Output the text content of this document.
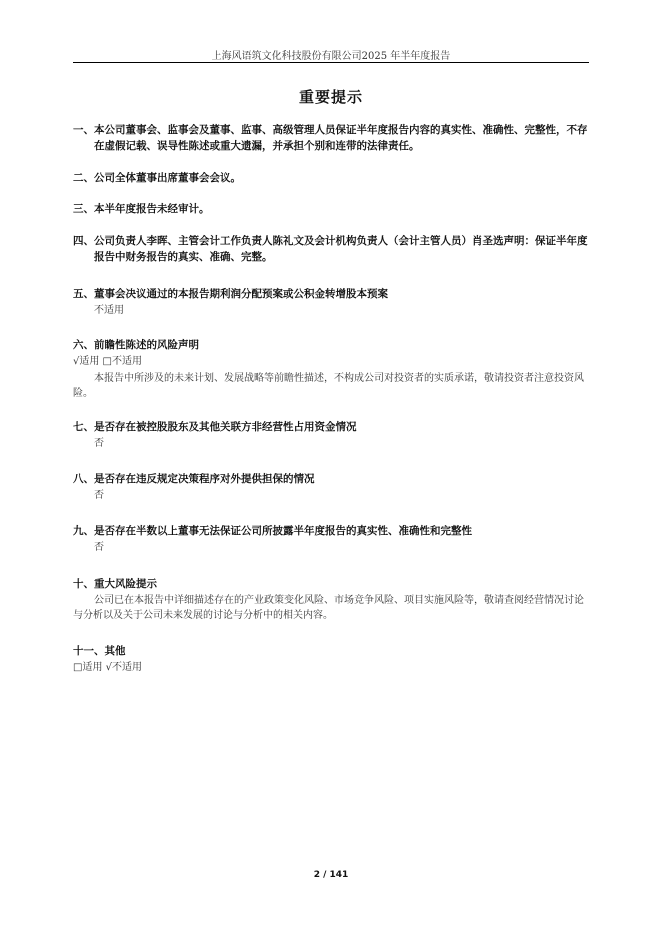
上海风语筑文化科技股份有限公司2025 年半年度报告
重要提示
一、本公司董事会、监事会及董事、监事、高级管理人员保证半年度报告内容的真实性、准确性、完整性，不存在虚假记载、误导性陈述或重大遗漏，并承担个别和连带的法律责任。
二、公司全体董事出席董事会会议。
三、本半年度报告未经审计。
四、公司负责人李晖、主管会计工作负责人陈礼文及会计机构负责人（会计主管人员）肖圣选声明：保证半年度报告中财务报告的真实、准确、完整。
五、董事会决议通过的本报告期利润分配预案或公积金转增股本预案
不适用
六、前瞻性陈述的风险声明
√适用 □不适用
本报告中所涉及的未来计划、发展战略等前瞻性描述，不构成公司对投资者的实质承诺，敬请投资者注意投资风险。
七、是否存在被控股股东及其他关联方非经营性占用资金情况
否
八、是否存在违反规定决策程序对外提供担保的情况
否
九、是否存在半数以上董事无法保证公司所披露半年度报告的真实性、准确性和完整性
否
十、重大风险提示
公司已在本报告中详细描述存在的产业政策变化风险、市场竞争风险、项目实施风险等，敬请查阅经营情况讨论与分析以及关于公司未来发展的讨论与分析中的相关内容。
十一、其他
□适用 √不适用
2 / 141
